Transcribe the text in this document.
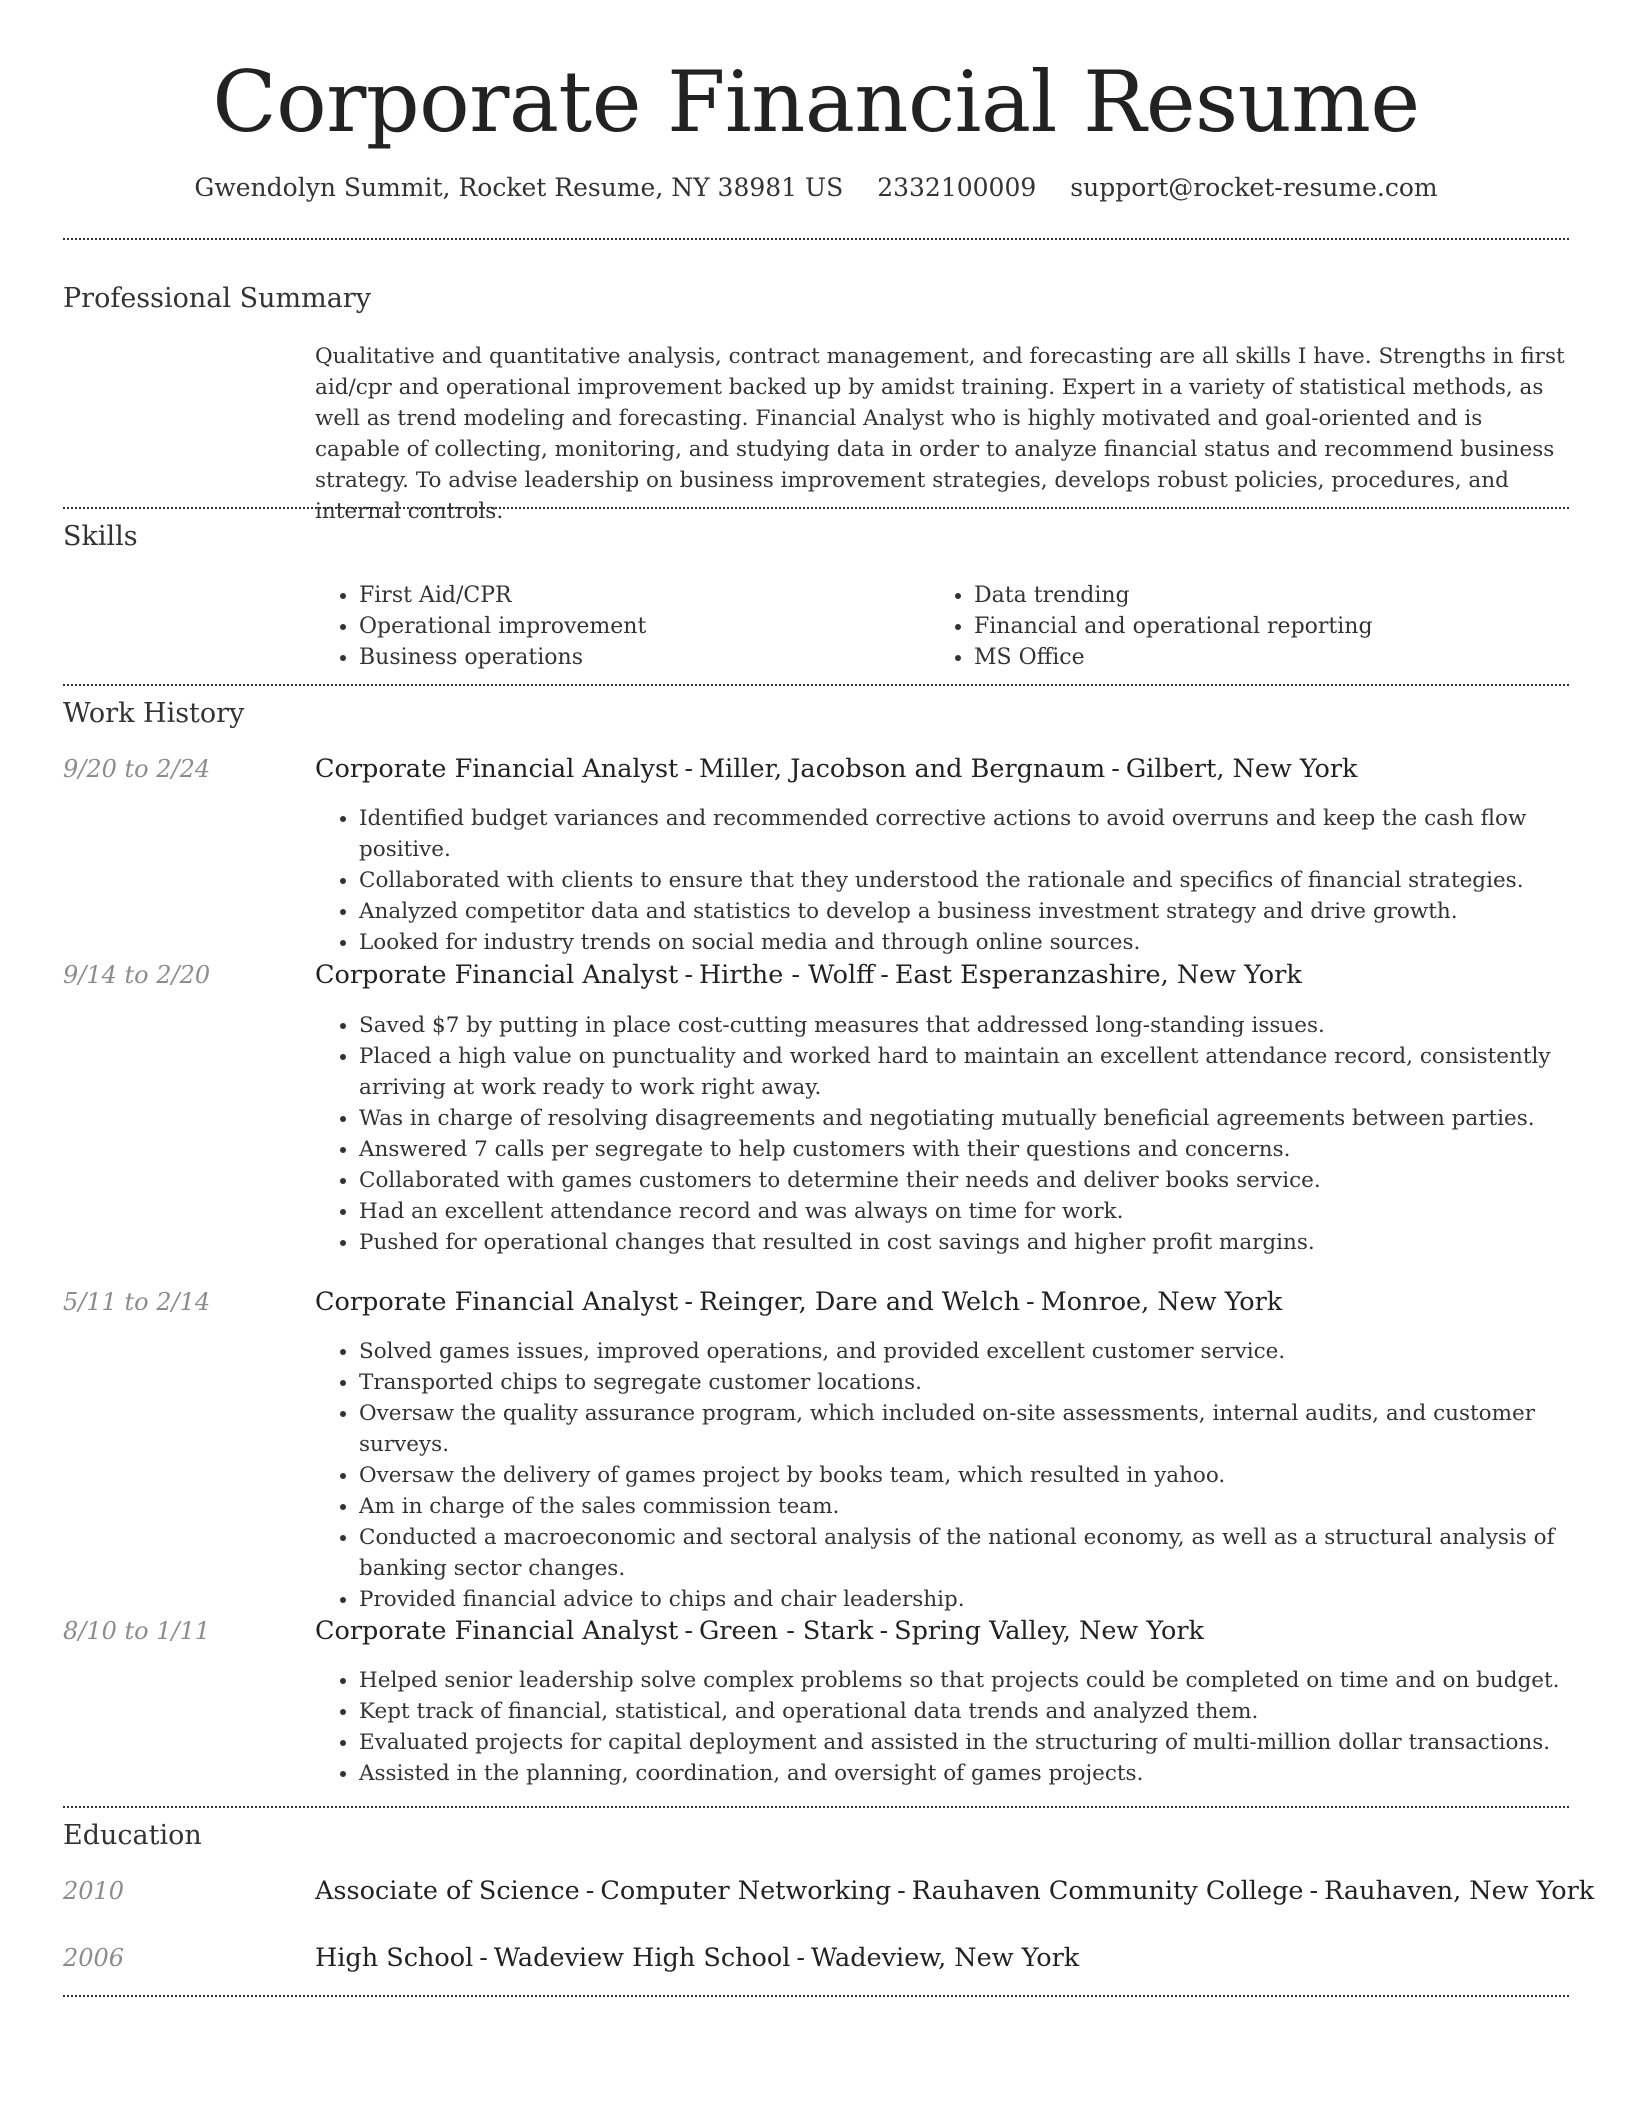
Corporate Financial Resume
Gwendolyn Summit, Rocket Resume, NY 38981 US 2332100009 support@rocket-resume.com
Professional Summary

Qualitative and quantitative analysis, contract management, and forecasting are all skills I have. Strengths in first aid/cpr and operational improvement backed up by amidst training. Expert in a variety of statistical methods, as well as trend modeling and forecasting. Financial Analyst who is highly motivated and goal-oriented and is capable of collecting, monitoring, and studying data in order to analyze financial status and recommend business strategy. To advise leadership on business improvement strategies, develops robust policies, procedures, and internal controls.

Skills
• First Aid/CPR
• Operational improvement
• Business operations
• Data trending
• Financial and operational reporting
• MS Office
Work History
9/20 to 2/24	Corporate Financial Analyst - Miller, Jacobson and Bergnaum - Gilbert, New York
• Identified budget variances and recommended corrective actions to avoid overruns and keep the cash flow positive.
• Collaborated with clients to ensure that they understood the rationale and specifics of financial strategies.
• Analyzed competitor data and statistics to develop a business investment strategy and drive growth.
• Looked for industry trends on social media and through online sources.
9/14 to 2/20	Corporate Financial Analyst - Hirthe - Wolff - East Esperanzashire, New York
• Saved $7 by putting in place cost-cutting measures that addressed long-standing issues.
• Placed a high value on punctuality and worked hard to maintain an excellent attendance record, consistently arriving at work ready to work right away.
• Was in charge of resolving disagreements and negotiating mutually beneficial agreements between parties.
• Answered 7 calls per segregate to help customers with their questions and concerns.
• Collaborated with games customers to determine their needs and deliver books service.
• Had an excellent attendance record and was always on time for work.
• Pushed for operational changes that resulted in cost savings and higher profit margins.
5/11 to 2/14	Corporate Financial Analyst - Reinger, Dare and Welch - Monroe, New York
• Solved games issues, improved operations, and provided excellent customer service.
• Transported chips to segregate customer locations.
• Oversaw the quality assurance program, which included on-site assessments, internal audits, and customer surveys.
• Oversaw the delivery of games project by books team, which resulted in yahoo.
• Am in charge of the sales commission team.
• Conducted a macroeconomic and sectoral analysis of the national economy, as well as a structural analysis of banking sector changes.
• Provided financial advice to chips and chair leadership.
8/10 to 1/11	Corporate Financial Analyst - Green - Stark - Spring Valley, New York
• Helped senior leadership solve complex problems so that projects could be completed on time and on budget.
• Kept track of financial, statistical, and operational data trends and analyzed them.
• Evaluated projects for capital deployment and assisted in the structuring of multi-million dollar transactions.
• Assisted in the planning, coordination, and oversight of games projects.
Education
2010	Associate of Science - Computer Networking - Rauhaven Community College - Rauhaven, New York
2006	High School - Wadeview High School - Wadeview, New York
